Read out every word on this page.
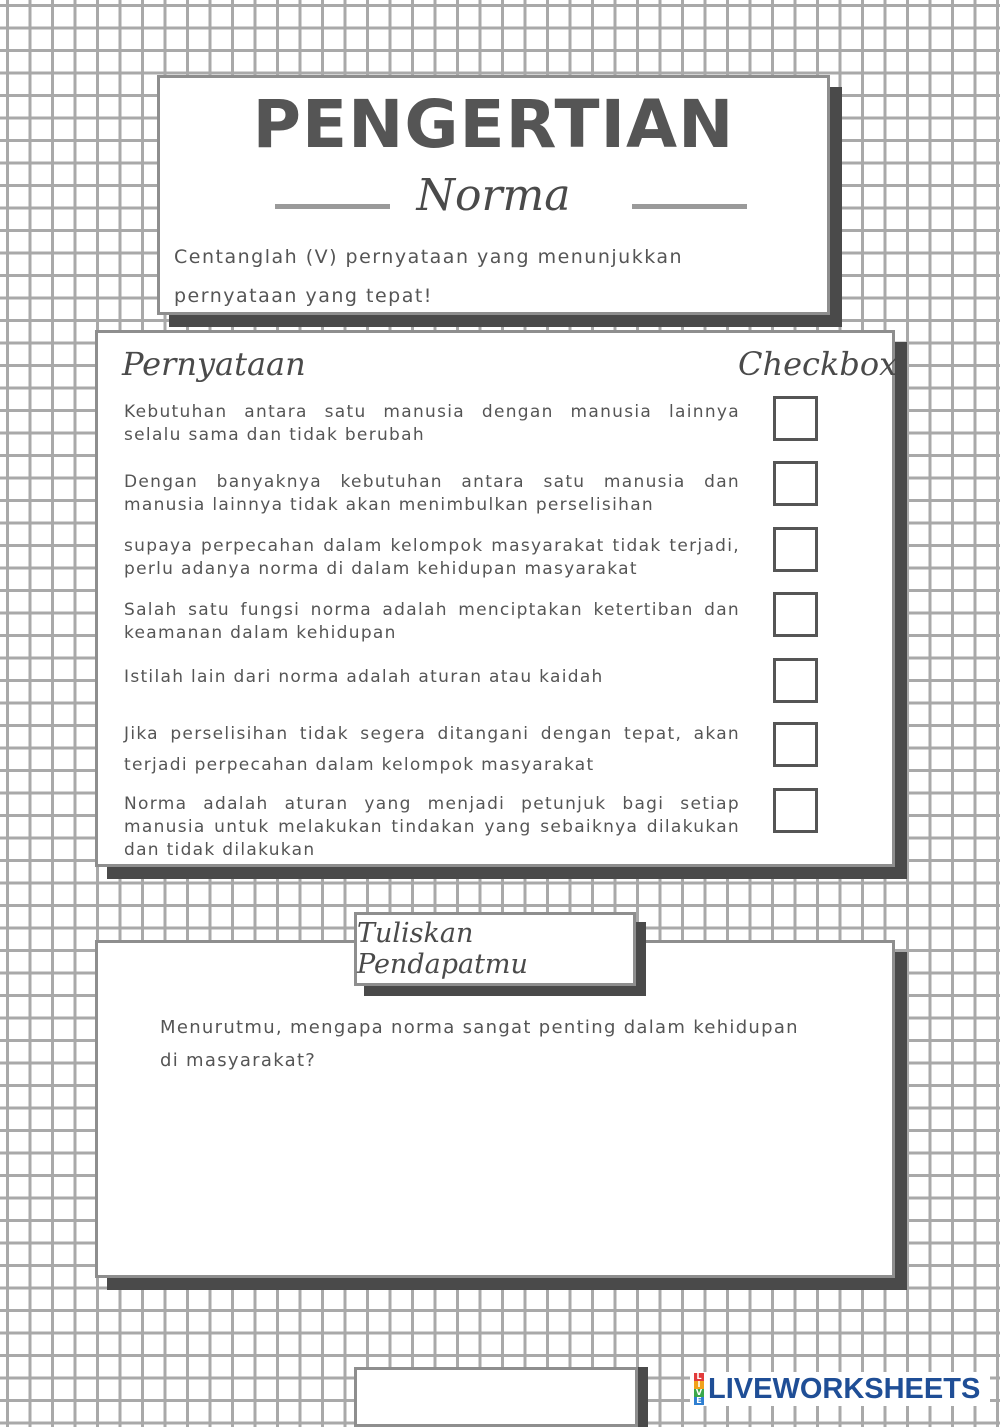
PENGERTIAN
Norma
Centanglah (V) pernyataan yang menunjukkan pernyataan yang tepat!
Pernyataan	Checkbox
Kebutuhan antara satu manusia dengan manusia lainnya selalu sama dan tidak berubah
Dengan banyaknya kebutuhan antara satu manusia dan manusia lainnya tidak akan menimbulkan perselisihan
supaya perpecahan dalam kelompok masyarakat tidak terjadi, perlu adanya norma di dalam kehidupan masyarakat
Salah satu fungsi norma adalah menciptakan ketertiban dan keamanan dalam kehidupan
Istilah lain dari norma adalah aturan atau kaidah
Jika perselisihan tidak segera ditangani dengan tepat, akan terjadi perpecahan dalam kelompok masyarakat
Norma adalah aturan yang menjadi petunjuk bagi setiap manusia untuk melakukan tindakan yang sebaiknya dilakukan dan tidak dilakukan
Menurutmu, mengapa norma sangat penting dalam kehidupan di masyarakat?
Tuliskan Pendapatmu
L
I
V
E LIVEWORKSHEETS
